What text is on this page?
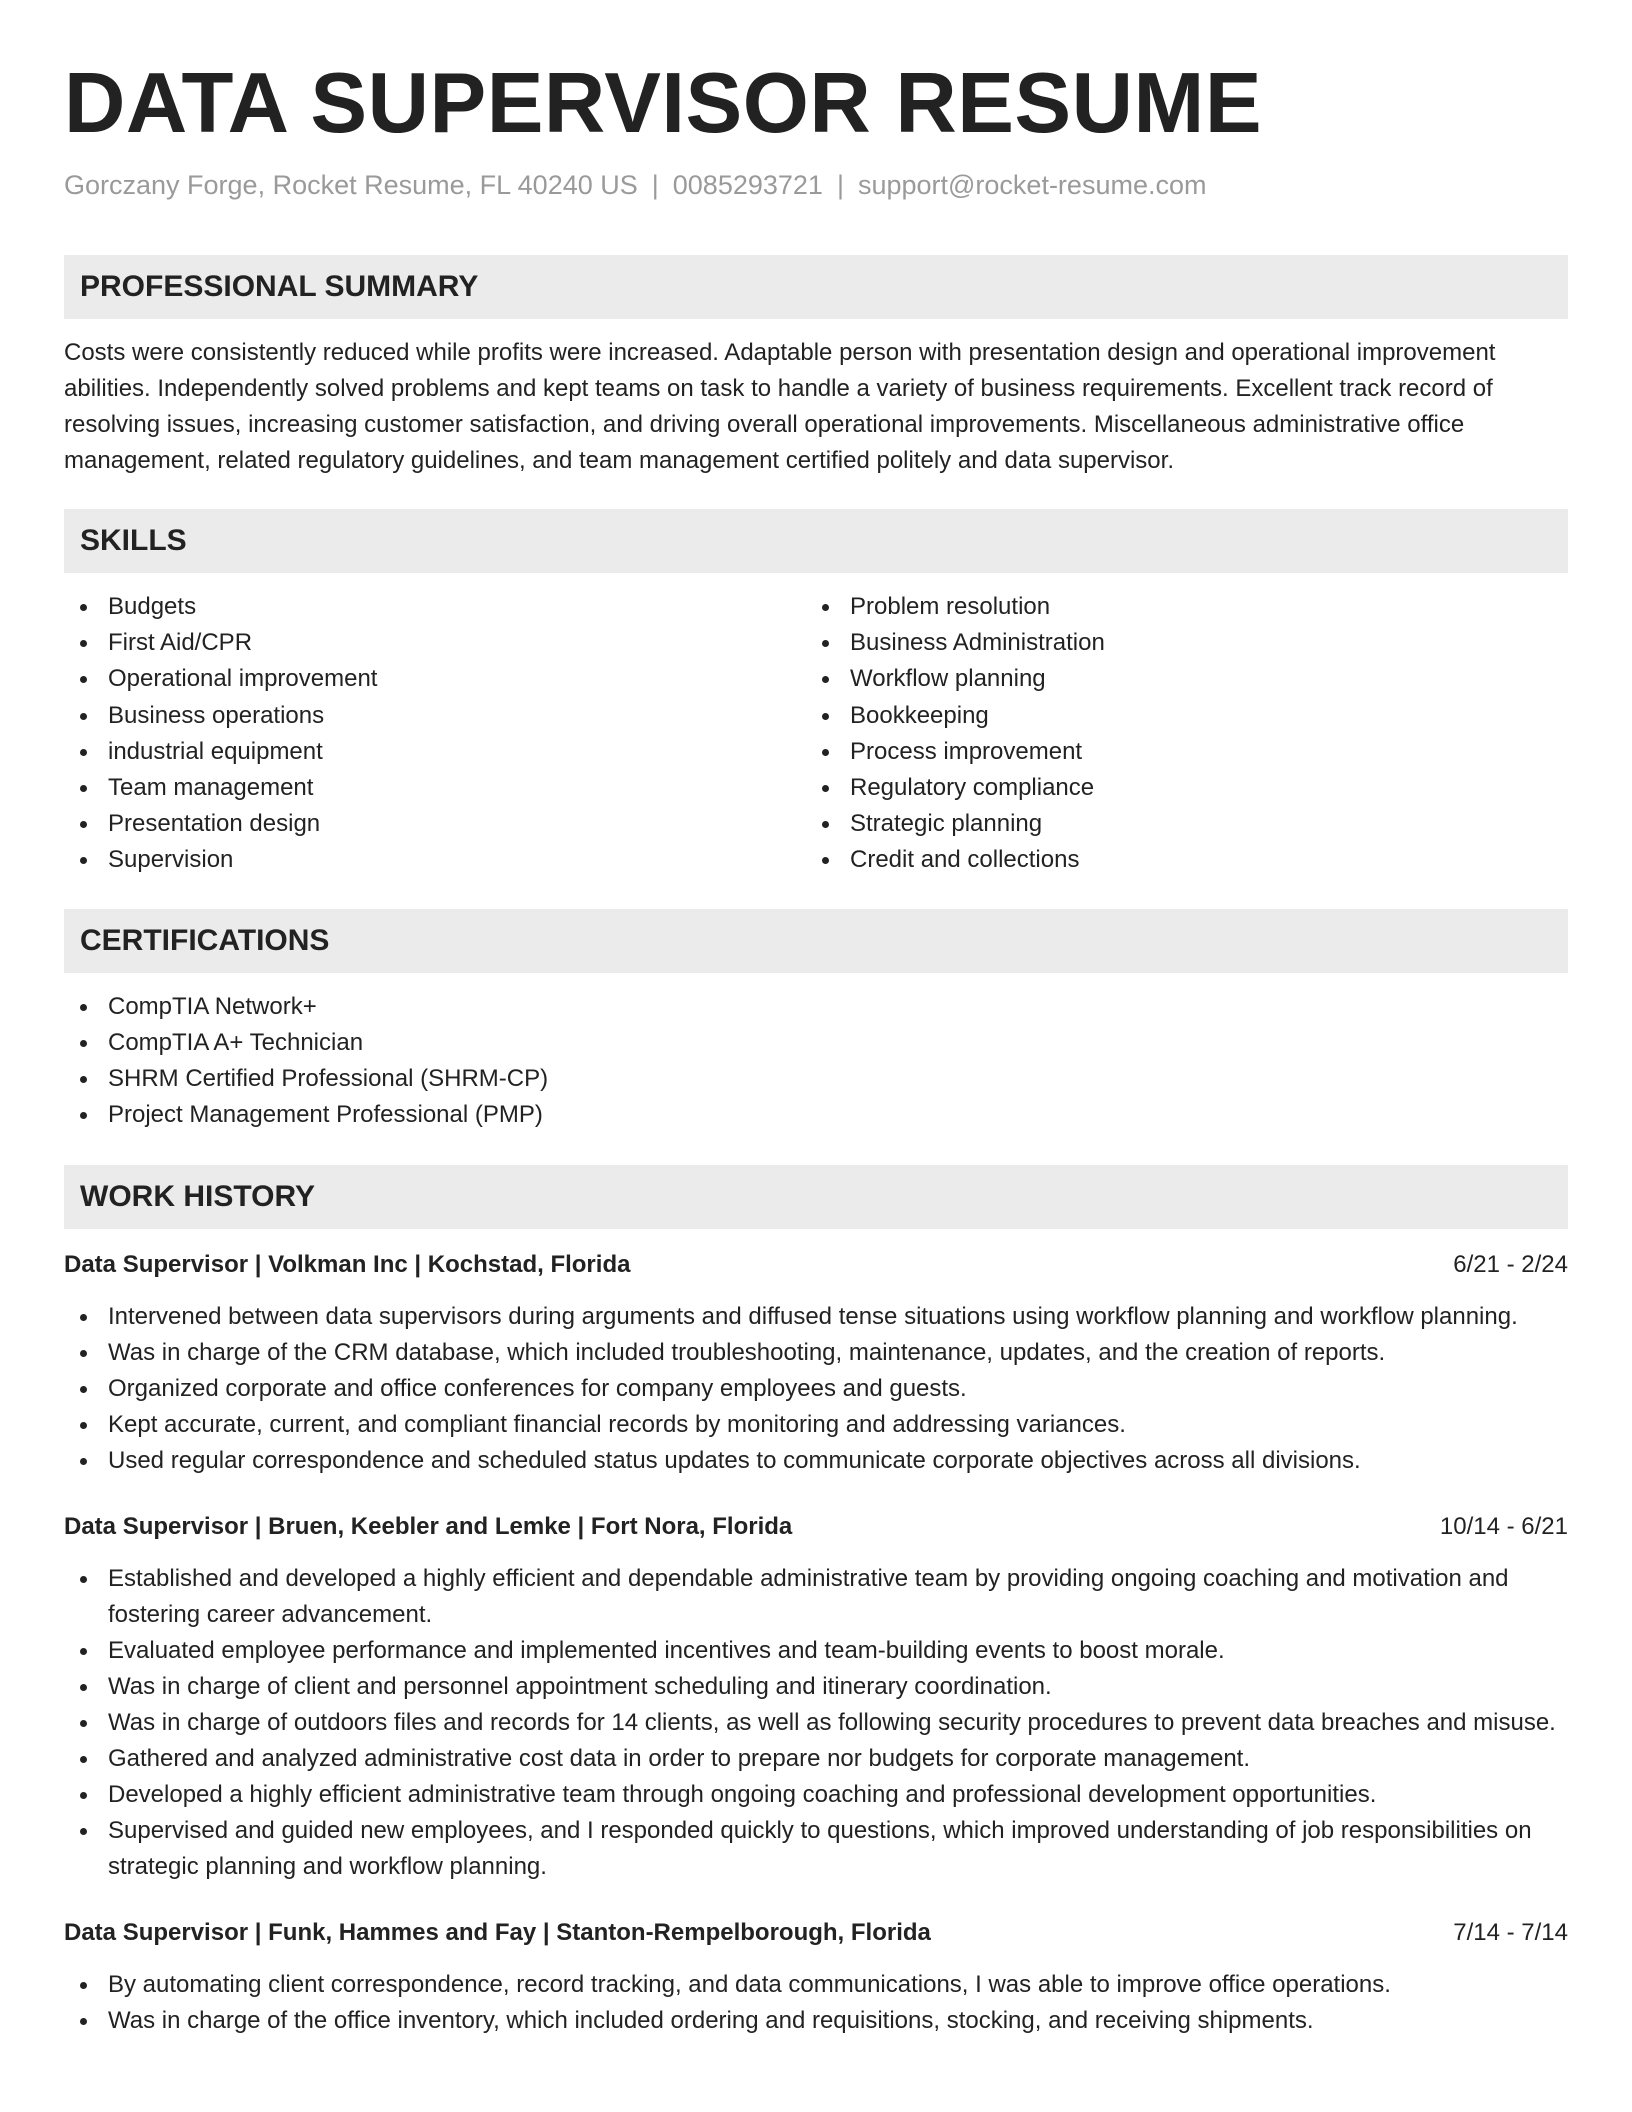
DATA SUPERVISOR RESUME
Gorczany Forge, Rocket Resume, FL 40240 US | 0085293721 | support@rocket-resume.com
PROFESSIONAL SUMMARY
Costs were consistently reduced while profits were increased. Adaptable person with presentation design and operational improvement abilities. Independently solved problems and kept teams on task to handle a variety of business requirements. Excellent track record of resolving issues, increasing customer satisfaction, and driving overall operational improvements. Miscellaneous administrative office management, related regulatory guidelines, and team management certified politely and data supervisor.
SKILLS
Budgets
First Aid/CPR
Operational improvement
Business operations
industrial equipment
Team management
Presentation design
Supervision
Problem resolution
Business Administration
Workflow planning
Bookkeeping
Process improvement
Regulatory compliance
Strategic planning
Credit and collections
CERTIFICATIONS
CompTIA Network+
CompTIA A+ Technician
SHRM Certified Professional (SHRM-CP)
Project Management Professional (PMP)
WORK HISTORY
Data Supervisor | Volkman Inc | Kochstad, Florida	6/21 - 2/24
Intervened between data supervisors during arguments and diffused tense situations using workflow planning and workflow planning.
Was in charge of the CRM database, which included troubleshooting, maintenance, updates, and the creation of reports.
Organized corporate and office conferences for company employees and guests.
Kept accurate, current, and compliant financial records by monitoring and addressing variances.
Used regular correspondence and scheduled status updates to communicate corporate objectives across all divisions.
Data Supervisor | Bruen, Keebler and Lemke | Fort Nora, Florida	10/14 - 6/21
Established and developed a highly efficient and dependable administrative team by providing ongoing coaching and motivation and fostering career advancement.
Evaluated employee performance and implemented incentives and team-building events to boost morale.
Was in charge of client and personnel appointment scheduling and itinerary coordination.
Was in charge of outdoors files and records for 14 clients, as well as following security procedures to prevent data breaches and misuse.
Gathered and analyzed administrative cost data in order to prepare nor budgets for corporate management.
Developed a highly efficient administrative team through ongoing coaching and professional development opportunities.
Supervised and guided new employees, and I responded quickly to questions, which improved understanding of job responsibilities on strategic planning and workflow planning.
Data Supervisor | Funk, Hammes and Fay | Stanton-Rempelborough, Florida	7/14 - 7/14
By automating client correspondence, record tracking, and data communications, I was able to improve office operations.
Was in charge of the office inventory, which included ordering and requisitions, stocking, and receiving shipments.
